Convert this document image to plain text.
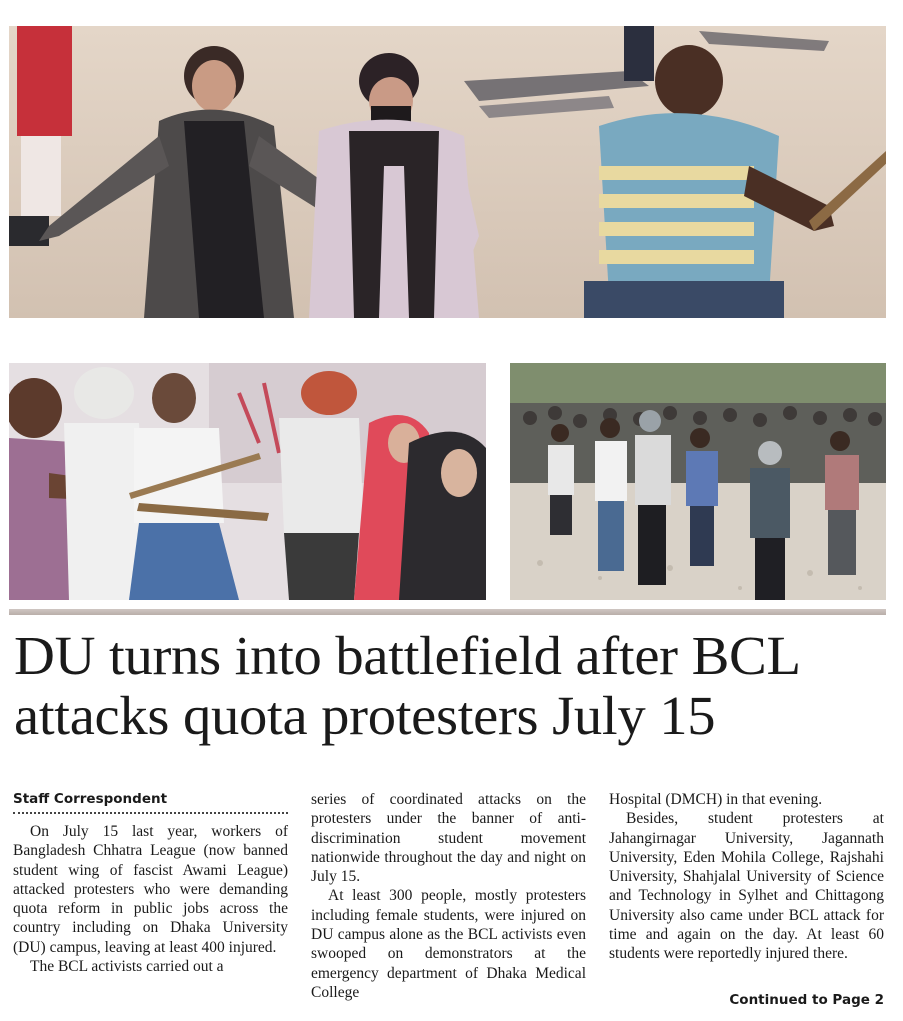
DU turns into battlefield after BCL attacks quota protesters July 15

Staff Correspondent

On July 15 last year, workers of Bangladesh Chhatra League (now banned student wing of fascist Awami League) attacked protesters who were demanding quota reform in public jobs across the country including on Dhaka University (DU) campus, leaving at least 400 injured.

The BCL activists carried out a

series of coordinated attacks on the protesters under the banner of anti-discrimination student movement nationwide throughout the day and night on July 15.

At least 300 people, mostly protesters including female students, were injured on DU campus alone as the BCL activists even swooped on demonstrators at the emergency department of Dhaka Medical College

Hospital (DMCH) in that evening.

Besides, student protesters at Jahangirnagar University, Jagannath University, Eden Mohila College, Rajshahi University, Shahjalal University of Science and Technology in Sylhet and Chittagong University also came under BCL attack for time and again on the day. At least 60 students were reportedly injured there.

Continued to Page 2
